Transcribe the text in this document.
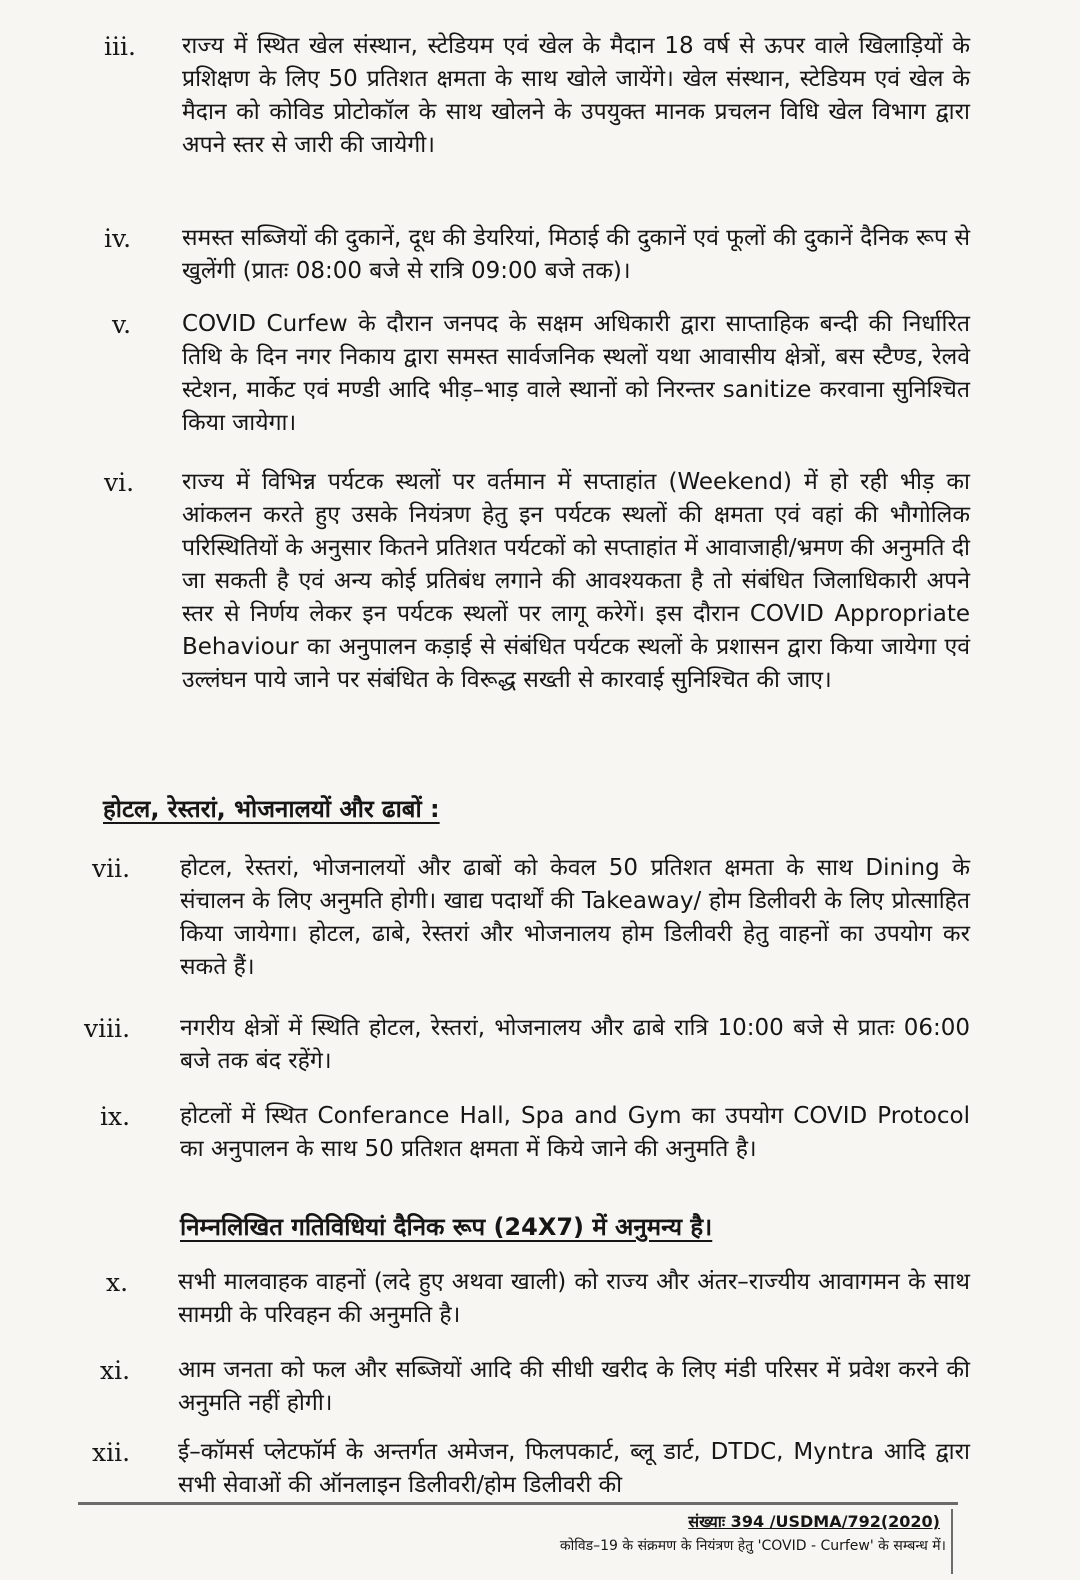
iii. राज्य में स्थित खेल संस्थान, स्टेडियम एवं खेल के मैदान 18 वर्ष से ऊपर वाले खिलाड़ियों के प्रशिक्षण के लिए 50 प्रतिशत क्षमता के साथ खोले जायेंगे। खेल संस्थान, स्टेडियम एवं खेल के मैदान को कोविड प्रोटोकॉल के साथ खोलने के उपयुक्त मानक प्रचलन विधि खेल विभाग द्वारा अपने स्तर से जारी की जायेगी।

iv. समस्त सब्जियों की दुकानें, दूध की डेयरियां, मिठाई की दुकानें एवं फूलों की दुकानें दैनिक रूप से खुलेंगी (प्रातः 08:00 बजे से रात्रि 09:00 बजे तक)।

v. COVID Curfew के दौरान जनपद के सक्षम अधिकारी द्वारा साप्ताहिक बन्दी की निर्धारित तिथि के दिन नगर निकाय द्वारा समस्त सार्वजनिक स्थलों यथा आवासीय क्षेत्रों, बस स्टैण्ड, रेलवे स्टेशन, मार्केट एवं मण्डी आदि भीड़–भाड़ वाले स्थानों को निरन्तर sanitize करवाना सुनिश्चित किया जायेगा।

vi. राज्य में विभिन्न पर्यटक स्थलों पर वर्तमान में सप्ताहांत (Weekend) में हो रही भीड़ का आंकलन करते हुए उसके नियंत्रण हेतु इन पर्यटक स्थलों की क्षमता एवं वहां की भौगोलिक परिस्थितियों के अनुसार कितने प्रतिशत पर्यटकों को सप्ताहांत में आवाजाही/भ्रमण की अनुमति दी जा सकती है एवं अन्य कोई प्रतिबंध लगाने की आवश्यकता है तो संबंधित जिलाधिकारी अपने स्तर से निर्णय लेकर इन पर्यटक स्थलों पर लागू करेगें। इस दौरान COVID Appropriate Behaviour का अनुपालन कड़ाई से संबंधित पर्यटक स्थलों के प्रशासन द्वारा किया जायेगा एवं उल्लंघन पाये जाने पर संबंधित के विरूद्ध सख्ती से कारवाई सुनिश्चित की जाए।

होटल, रेस्तरां, भोजनालयों और ढाबों :
vii. होटल, रेस्तरां, भोजनालयों और ढाबों को केवल 50 प्रतिशत क्षमता के साथ Dining के संचालन के लिए अनुमति होगी। खाद्य पदार्थों की Takeaway/ होम डिलीवरी के लिए प्रोत्साहित किया जायेगा। होटल, ढाबे, रेस्तरां और भोजनालय होम डिलीवरी हेतु वाहनों का उपयोग कर सकते हैं।

viii. नगरीय क्षेत्रों में स्थिति होटल, रेस्तरां, भोजनालय और ढाबे रात्रि 10:00 बजे से प्रातः 06:00 बजे तक बंद रहेंगे।

ix. होटलों में स्थित Conferance Hall, Spa and Gym का उपयोग COVID Protocol का अनुपालन के साथ 50 प्रतिशत क्षमता में किये जाने की अनुमति है।

निम्नलिखित गतिविधियां दैनिक रूप (24X7) में अनुमन्य है।
x. सभी मालवाहक वाहनों (लदे हुए अथवा खाली) को राज्य और अंतर–राज्यीय आवागमन के साथ सामग्री के परिवहन की अनुमति है।

xi. आम जनता को फल और सब्जियों आदि की सीधी खरीद के लिए मंडी परिसर में प्रवेश करने की अनुमति नहीं होगी।

xii. ई–कॉमर्स प्लेटफॉर्म के अन्तर्गत अमेजन, फिलपकार्ट, ब्लू डार्ट, DTDC, Myntra आदि द्वारा सभी सेवाओं की ऑनलाइन डिलीवरी/होम डिलीवरी की

संख्याः 394 /USDMA/792(2020)
कोविड–19 के संक्रमण के नियंत्रण हेतु 'COVID - Curfew' के सम्बन्ध में।
